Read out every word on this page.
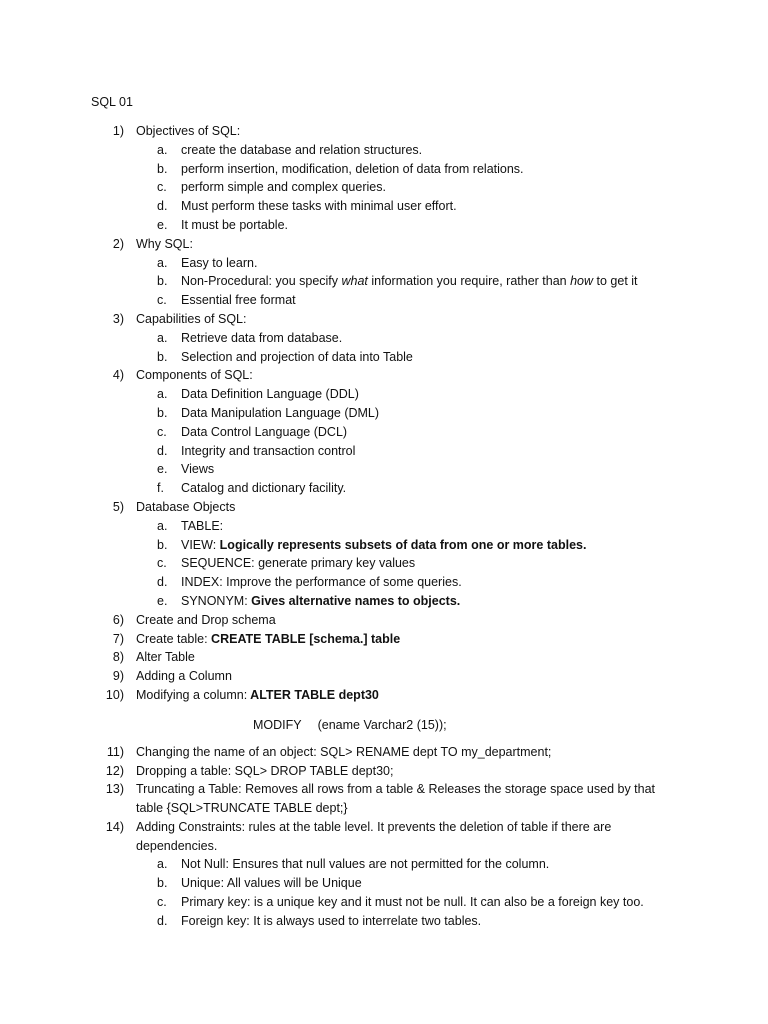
SQL 01
1) Objectives of SQL:
a. create the database and relation structures.
b. perform insertion, modification, deletion of data from relations.
c. perform simple and complex queries.
d. Must perform these tasks with minimal user effort.
e. It must be portable.
2) Why SQL:
a. Easy to learn.
b. Non-Procedural: you specify what information you require, rather than how to get it
c. Essential free format
3) Capabilities of SQL:
a. Retrieve data from database.
b. Selection and projection of data into Table
4) Components of SQL:
a. Data Definition Language (DDL)
b. Data Manipulation Language (DML)
c. Data Control Language (DCL)
d. Integrity and transaction control
e. Views
f. Catalog and dictionary facility.
5) Database Objects
a. TABLE:
b. VIEW: Logically represents subsets of data from one or more tables.
c. SEQUENCE: generate primary key values
d. INDEX: Improve the performance of some queries.
e. SYNONYM: Gives alternative names to objects.
6) Create and Drop schema
7) Create table: CREATE TABLE [schema.] table
8) Alter Table
9) Adding a Column
10) Modifying a column: ALTER TABLE dept30
MODIFY (ename Varchar2 (15));
11) Changing the name of an object: SQL> RENAME dept TO my_department;
12) Dropping a table: SQL> DROP TABLE dept30;
13) Truncating a Table: Removes all rows from a table & Releases the storage space used by that
table {SQL>TRUNCATE TABLE dept;}
14) Adding Constraints: rules at the table level. It prevents the deletion of table if there are
dependencies.
a. Not Null: Ensures that null values are not permitted for the column.
b. Unique: All values will be Unique
c. Primary key: is a unique key and it must not be null. It can also be a foreign key too.
d. Foreign key: It is always used to interrelate two tables.
